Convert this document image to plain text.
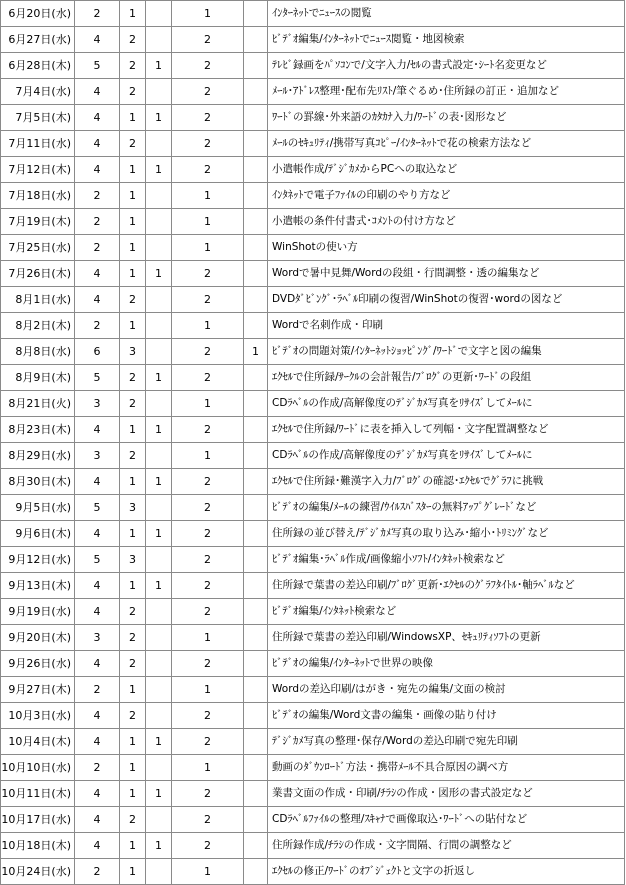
6月20日(水)	2	1		1		ｲﾝﾀｰﾈｯﾄでﾆｭｰｽの閲覧
6月27日(水)	4	2		2		ﾋﾞﾃﾞｵ編集/ｲﾝﾀｰﾈｯﾄでﾆｭｰｽ閲覧・地図検索
6月28日(木)	5	2	1	2		ﾃﾚﾋﾞ録画をﾊﾟｿｺﾝで/文字入力/ｾﾙの書式設定･ｼｰﾄ名変更など
7月4日(水)	4	2		2		ﾒｰﾙ･ｱﾄﾞﾚｽ整理･配布先ﾘｽﾄ/筆ぐるめ･住所録の訂正・追加など
7月5日(木)	4	1	1	2		ﾜｰﾄﾞの罫線･外来語のｶﾀｶﾅ入力/ﾜｰﾄﾞの表･図形など
7月11日(水)	4	2		2		ﾒｰﾙのｾｷｭﾘﾃｨ/携帯写真ｺﾋﾟｰ/ｲﾝﾀｰﾈｯﾄで花の検索方法など
7月12日(木)	4	1	1	2		小遣帳作成/ﾃﾞｼﾞｶﾒからPCへの取込など
7月18日(水)	2	1		1		ｲﾝﾀﾈｯﾄで電子ﾌｧｲﾙの印刷のやり方など
7月19日(木)	2	1		1		小遣帳の条件付書式･ｺﾒﾝﾄの付け方など
7月25日(水)	2	1		1		WinShotの使い方
7月26日(木)	4	1	1	2		Wordで暑中見舞/Wordの段組・行間調整・透の編集など
8月1日(水)	4	2		2		DVDﾀﾞﾋﾞﾝｸﾞ･ﾗﾍﾞﾙ印刷の復習/WinShotの復習･wordの図など
8月2日(木)	2	1		1		Wordで名刺作成・印刷
8月8日(水)	6	3		2	1	ﾋﾞﾃﾞｵの問題対策/ｲﾝﾀｰﾈｯﾄｼｮｯﾋﾟﾝｸﾞ/ﾜｰﾄﾞで文字と図の編集
8月9日(木)	5	2	1	2		ｴｸｾﾙで住所録/ｻｰｸﾙの会計報告/ﾌﾞﾛｸﾞの更新･ﾜｰﾄﾞの段組
8月21日(火)	3	2		1		CDﾗﾍﾞﾙの作成/高解像度のﾃﾞｼﾞｶﾒ写真をﾘｻｲｽﾞしてﾒｰﾙに
8月23日(木)	4	1	1	2		ｴｸｾﾙで住所録/ﾜｰﾄﾞに表を挿入して列幅・文字配置調整など
8月29日(水)	3	2		1		CDﾗﾍﾞﾙの作成/高解像度のﾃﾞｼﾞｶﾒ写真をﾘｻｲｽﾞしてﾒｰﾙに
8月30日(木)	4	1	1	2		ｴｸｾﾙで住所録･難漢字入力/ﾌﾞﾛｸﾞの確認･ｴｸｾﾙでｸﾞﾗﾌに挑戦
9月5日(水)	5	3		2		ﾋﾞﾃﾞｵの編集/ﾒｰﾙの練習/ｳｲﾙｽﾊﾞｽﾀｰの無料ｱｯﾌﾟｸﾞﾚｰﾄﾞなど
9月6日(木)	4	1	1	2		住所録の並び替え/ﾃﾞｼﾞｶﾒ写真の取り込み･縮小･ﾄﾘﾐﾝｸﾞなど
9月12日(水)	5	3		2		ﾋﾞﾃﾞｵ編集･ﾗﾍﾞﾙ作成/画像縮小ｿﾌﾄ/ｲﾝﾀﾈｯﾄ検索など
9月13日(木)	4	1	1	2		住所録で葉書の差込印刷/ﾌﾞﾛｸﾞ更新･ｴｸｾﾙのｸﾞﾗﾌﾀｲﾄﾙ･軸ﾗﾍﾞﾙなど
9月19日(水)	4	2		2		ﾋﾞﾃﾞｵ編集/ｲﾝﾀﾈｯﾄ検索など
9月20日(木)	3	2		1		住所録で葉書の差込印刷/WindowsXP、ｾｷｭﾘﾃｨｿﾌﾄの更新
9月26日(水)	4	2		2		ﾋﾞﾃﾞｵの編集/ｲﾝﾀｰﾈｯﾄで世界の映像
9月27日(木)	2	1		1		Wordの差込印刷/はがき・宛先の編集/文面の検討
10月3日(水)	4	2		2		ﾋﾞﾃﾞｵの編集/Word文書の編集・画像の貼り付け
10月4日(木)	4	1	1	2		ﾃﾞｼﾞｶﾒ写真の整理･保存/Wordの差込印刷で宛先印刷
10月10日(水)	2	1		1		動画のﾀﾞｳﾝﾛｰﾄﾞ方法・携帯ﾒｰﾙ不具合原因の調べ方
10月11日(木)	4	1	1	2		業書文面の作成・印刷/ﾁﾗｼの作成・図形の書式設定など
10月17日(水)	4	2		2		CDﾗﾍﾞﾙﾌｧｲﾙの整理/ｽｷｬﾅで画像取込･ﾜｰﾄﾞへの貼付など
10月18日(木)	4	1	1	2		住所録作成/ﾁﾗｼの作成・文字間隔、行間の調整など
10月24日(水)	2	1		1		ｴｸｾﾙの修正/ﾜｰﾄﾞのｵﾌﾞｼﾞｪｸﾄと文字の折返し
